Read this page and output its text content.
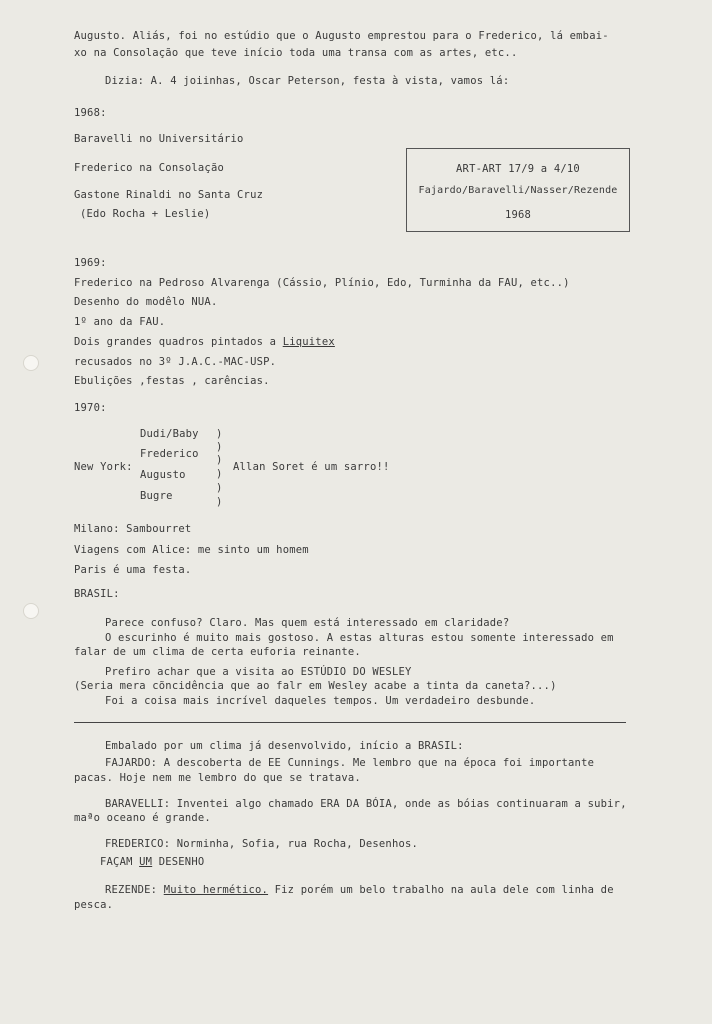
Augusto. Aliás, foi no estúdio que o Augusto emprestou para o Frederico, lá embai-
xo na Consolação que teve início toda uma transa com as artes, etc..
Dizia: A. 4 joiinhas, Oscar Peterson, festa à vista, vamos lá:
1968:
Baravelli no Universitário
Frederico na Consolação
Gastone Rinaldi no Santa Cruz
(Edo Rocha + Leslie)
ART-ART 17/9 a 4/10
Fajardo/Baravelli/Nasser/Rezende
1968
1969:
Frederico na Pedroso Alvarenga (Cássio, Plínio, Edo, Turminha da FAU, etc..)
Desenho do modêlo NUA.
1º ano da FAU.
Dois grandes quadros pintados a Liquitex
recusados no 3º J.A.C.-MAC-USP.
Ebulições ,festas , carências.
1970:
Dudi/Baby
Frederico
New York:
Augusto
Allan Soret é um sarro!!
Bugre
)
)
)
)
)
)
Milano: Sambourret
Viagens com Alice: me sinto um homem
Paris é uma festa.
BRASIL:
Parece confuso? Claro. Mas quem está interessado em claridade?
O escurinho é muito mais gostoso. A estas alturas estou somente interessado em
falar de um clima de certa euforia reinante.
Prefiro achar que a visita ao ESTÚDIO DO WESLEY
(Seria mera cõncidência que ao falr em Wesley acabe a tinta da caneta?...)
Foi a coisa mais incrível daqueles tempos. Um verdadeiro desbunde.
Embalado por um clima já desenvolvido, início a BRASIL:
FAJARDO: A descoberta de EE Cunnings. Me lembro que na época foi importante
pacas. Hoje nem me lembro do que se tratava.
BARAVELLI: Inventei algo chamado ERA DA BÓIA, onde as bóias continuaram a subir,
maªo oceano é grande.
FREDERICO: Norminha, Sofia, rua Rocha, Desenhos.
FAÇAM UM DESENHO
REZENDE: Muito hermético. Fiz porém um belo trabalho na aula dele com linha de
pesca.
